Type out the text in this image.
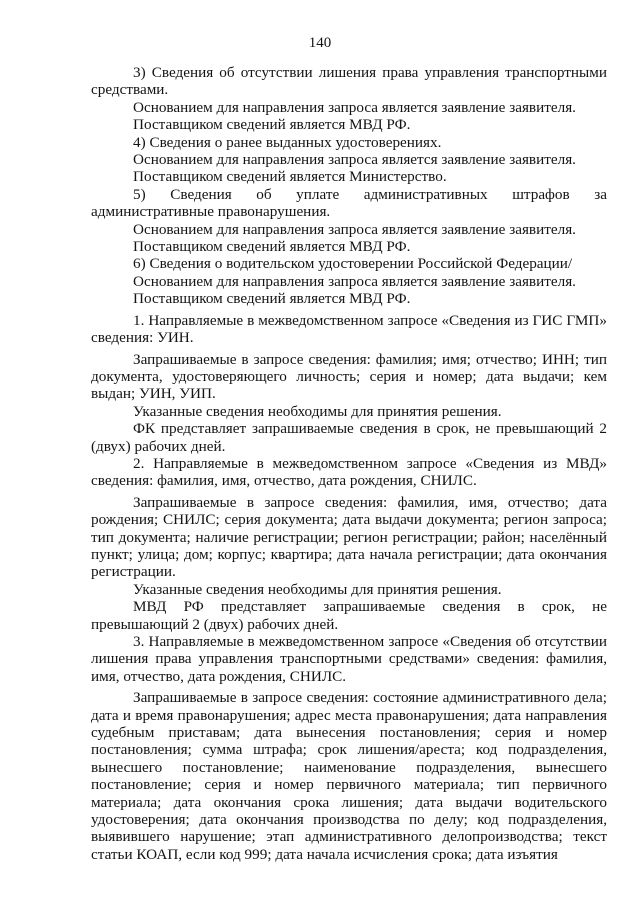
140

3) Сведения об отсутствии лишения права управления транспортными средствами.

Основанием для направления запроса является заявление заявителя.

Поставщиком сведений является МВД РФ.

4) Сведения о ранее выданных удостоверениях.

Основанием для направления запроса является заявление заявителя.

Поставщиком сведений является Министерство.

5) Сведения об уплате административных штрафов за административные правонарушения.

Основанием для направления запроса является заявление заявителя.

Поставщиком сведений является МВД РФ.

6) Сведения о водительском удостоверении Российской Федерации/

Основанием для направления запроса является заявление заявителя.

Поставщиком сведений является МВД РФ.

1. Направляемые в межведомственном запросе «Сведения из ГИС ГМП» сведения: УИН.

Запрашиваемые в запросе сведения: фамилия; имя; отчество; ИНН; тип документа, удостоверяющего личность; серия и номер; дата выдачи; кем выдан; УИН, УИП.

Указанные сведения необходимы для принятия решения.

ФК представляет запрашиваемые сведения в срок, не превышающий 2 (двух) рабочих дней.

2. Направляемые в межведомственном запросе «Сведения из МВД» сведения: фамилия, имя, отчество, дата рождения, СНИЛС.

Запрашиваемые в запросе сведения: фамилия, имя, отчество; дата рождения; СНИЛС; серия документа; дата выдачи документа; регион запроса; тип документа; наличие регистрации; регион регистрации; район; населённый пункт; улица; дом; корпус; квартира; дата начала регистрации; дата окончания регистрации.

Указанные сведения необходимы для принятия решения.

МВД РФ представляет запрашиваемые сведения в срок, не превышающий 2 (двух) рабочих дней.

3. Направляемые в межведомственном запросе «Сведения об отсутствии лишения права управления транспортными средствами» сведения: фамилия, имя, отчество, дата рождения, СНИЛС.

Запрашиваемые в запросе сведения: состояние административного дела; дата и время правонарушения; адрес места правонарушения; дата направления судебным приставам; дата вынесения постановления; серия и номер постановления; сумма штрафа; срок лишения/ареста; код подразделения, вынесшего постановление; наименование подразделения, вынесшего постановление; серия и номер первичного материала; тип первичного материала; дата окончания срока лишения; дата выдачи водительского удостоверения; дата окончания производства по делу; код подразделения, выявившего нарушение; этап административного делопроизводства; текст статьи КОАП, если код 999; дата начала исчисления срока; дата изъятия
